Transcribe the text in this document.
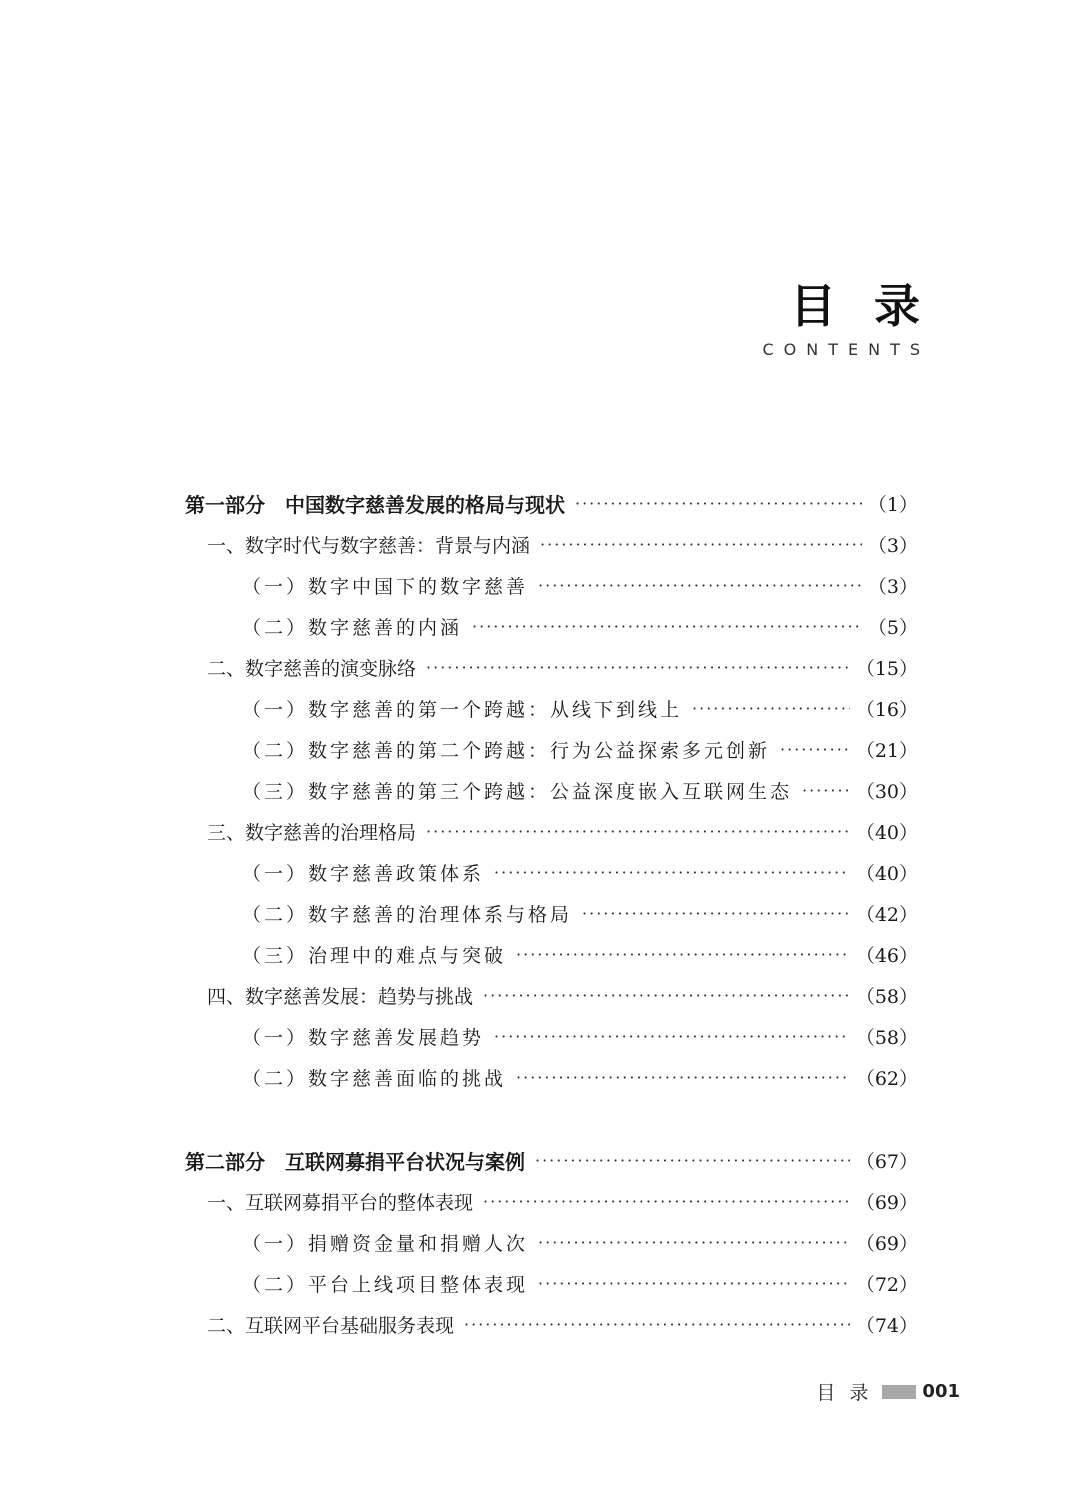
目录
CONTENTS
第一部分　中国数字慈善发展的格局与现状 ·····	（1）
一、数字时代与数字慈善：背景与内涵 ·····	（3）
（一）数字中国下的数字慈善 ·····	（3）
（二）数字慈善的内涵 ·····	（5）
二、数字慈善的演变脉络 ·····	（15）
（一）数字慈善的第一个跨越：从线下到线上 ·····	（16）
（二）数字慈善的第二个跨越：行为公益探索多元创新 ·····	（21）
（三）数字慈善的第三个跨越：公益深度嵌入互联网生态 ·····	（30）
三、数字慈善的治理格局 ·····	（40）
（一）数字慈善政策体系 ·····	（40）
（二）数字慈善的治理体系与格局 ·····	（42）
（三）治理中的难点与突破 ·····	（46）
四、数字慈善发展：趋势与挑战 ·····	（58）
（一）数字慈善发展趋势 ·····	（58）
（二）数字慈善面临的挑战 ·····	（62）
第二部分　互联网募捐平台状况与案例 ·····	（67）
一、互联网募捐平台的整体表现 ·····	（69）
（一）捐赠资金量和捐赠人次 ·····	（69）
（二）平台上线项目整体表现 ·····	（72）
二、互联网平台基础服务表现 ·····	（74）
目录 001
